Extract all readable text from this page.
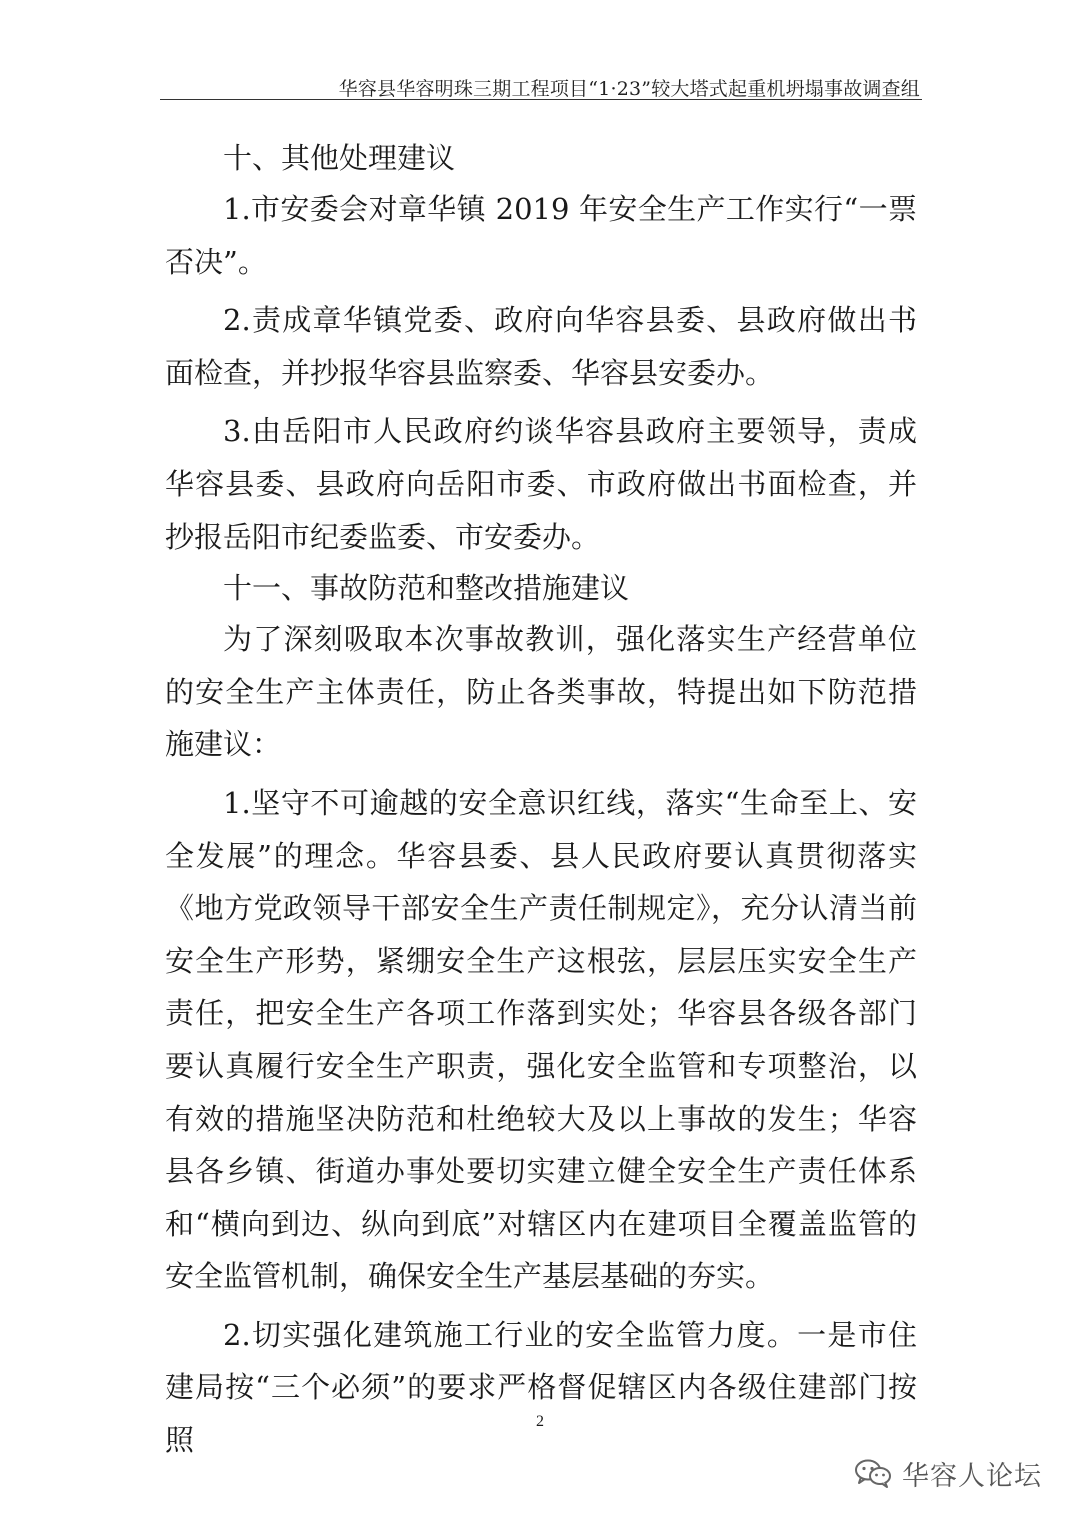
华容县华容明珠三期工程项目“1·23”较大塔式起重机坍塌事故调查组
十、其他处理建议

1.市安委会对章华镇 2019 年安全生产工作实行“一票否决”。

2.责成章华镇党委、政府向华容县委、县政府做出书面检查，并抄报华容县监察委、华容县安委办。

3.由岳阳市人民政府约谈华容县政府主要领导，责成华容县委、县政府向岳阳市委、市政府做出书面检查，并抄报岳阳市纪委监委、市安委办。

十一、事故防范和整改措施建议

为了深刻吸取本次事故教训，强化落实生产经营单位的安全生产主体责任，防止各类事故，特提出如下防范措施建议：

1.坚守不可逾越的安全意识红线，落实“生命至上、安全发展”的理念。华容县委、县人民政府要认真贯彻落实《地方党政领导干部安全生产责任制规定》，充分认清当前安全生产形势，紧绷安全生产这根弦，层层压实安全生产责任，把安全生产各项工作落到实处；华容县各级各部门要认真履行安全生产职责，强化安全监管和专项整治，以有效的措施坚决防范和杜绝较大及以上事故的发生；华容县各乡镇、街道办事处要切实建立健全安全生产责任体系和“横向到边、纵向到底”对辖区内在建项目全覆盖监管的安全监管机制，确保安全生产基层基础的夯实。

2.切实强化建筑施工行业的安全监管力度。一是市住建局按“三个必须”的要求严格督促辖区内各级住建部门按照

2
华容人论坛
